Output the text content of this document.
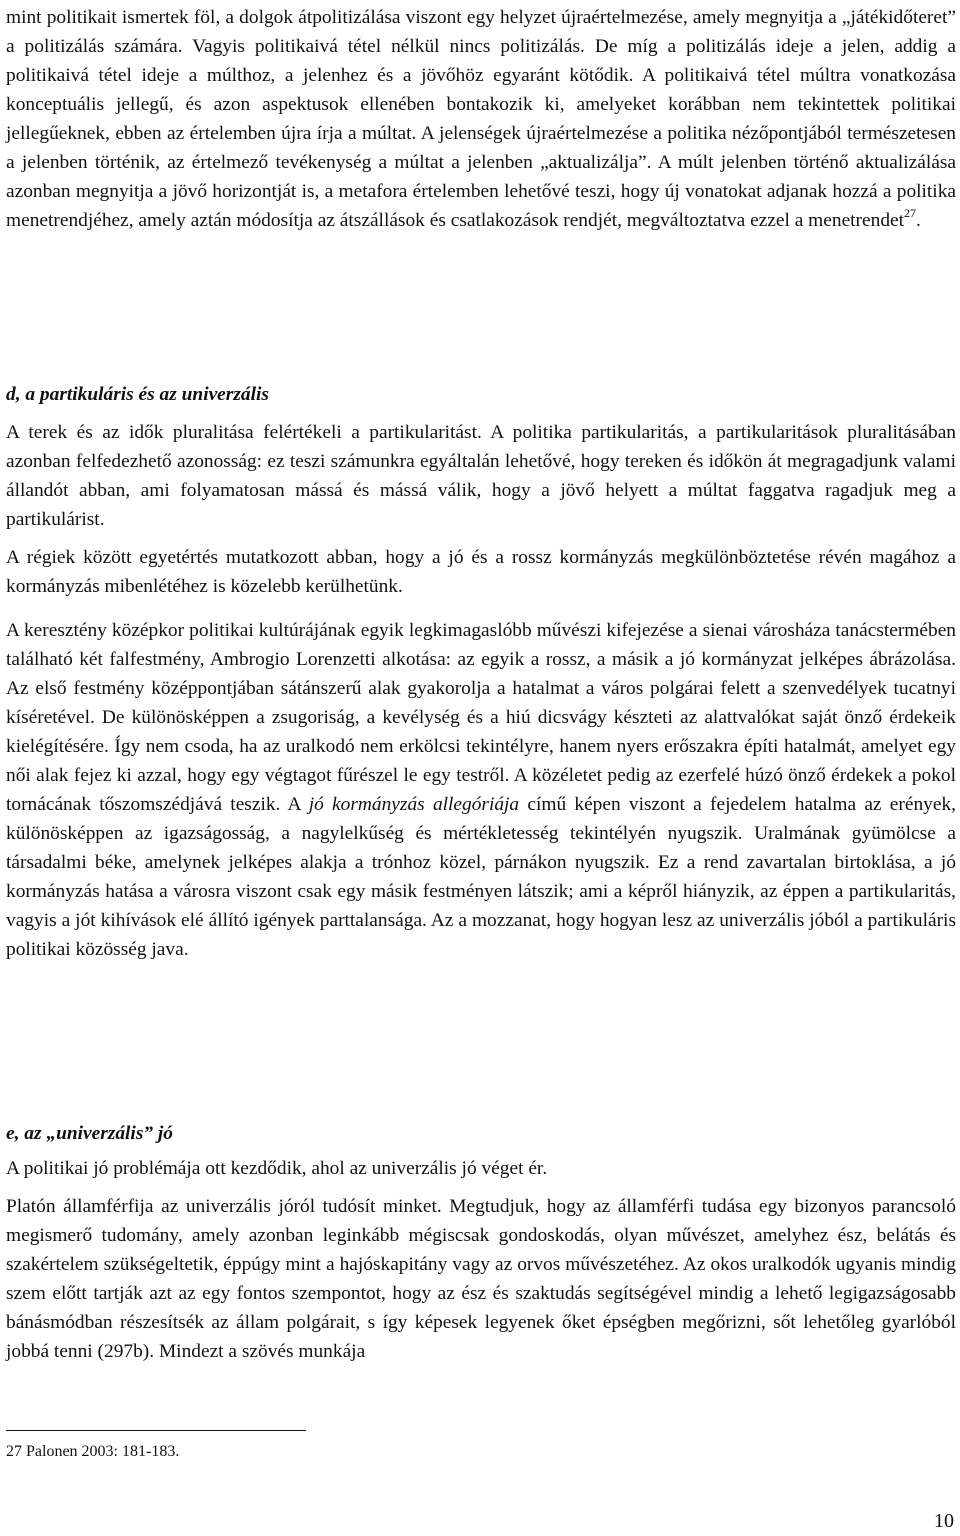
mint politikait ismertek föl, a dolgok átpolitizálása viszont egy helyzet újraértelmezése, amely megnyitja a „játékidőteret” a politizálás számára. Vagyis politikaivá tétel nélkül nincs politizálás. De míg a politizálás ideje a jelen, addig a politikaivá tétel ideje a múlthoz, a jelenhez és a jövőhöz egyaránt kötődik. A politikaivá tétel múltra vonatkozása konceptuális jellegű, és azon aspektusok ellenében bontakozik ki, amelyeket korábban nem tekintettek politikai jellegűeknek, ebben az értelemben újra írja a múltat. A jelenségek újraértelmezése a politika nézőpontjából természetesen a jelenben történik, az értelmező tevékenység a múltat a jelenben „aktualizálja”. A múlt jelenben történő aktualizálása azonban megnyitja a jövő horizontját is, a metafora értelemben lehetővé teszi, hogy új vonatokat adjanak hozzá a politika menetrendjéhez, amely aztán módosítja az átszállások és csatlakozások rendjét, megváltoztatva ezzel a menetrendet$^{27}$.

d, a partikuláris és az univerzális

A terek és az idők pluralitása felértékeli a partikularitást. A politika partikularitás, a partikularitások pluralitásában azonban felfedezhető azonosság: ez teszi számunkra egyáltalán lehetővé, hogy tereken és időkön át megragadjunk valami állandót abban, ami folyamatosan mássá és mássá válik, hogy a jövő helyett a múltat faggatva ragadjuk meg a partikulárist.

A régiek között egyetértés mutatkozott abban, hogy a jó és a rossz kormányzás megkülönböztetése révén magához a kormányzás mibenlétéhez is közelebb kerülhetünk.

A keresztény középkor politikai kultúrájának egyik legkimagaslóbb művészi kifejezése a sienai városháza tanácstermében található két falfestmény, Ambrogio Lorenzetti alkotása: az egyik a rossz, a másik a jó kormányzat jelképes ábrázolása. Az első festmény középpontjában sátánszerű alak gyakorolja a hatalmat a város polgárai felett a szenvedélyek tucatnyi kíséretével. De különösképpen a zsugoriság, a kevélység és a hiú dicsvágy készteti az alattvalókat saját önző érdekeik kielégítésére. Így nem csoda, ha az uralkodó nem erkölcsi tekintélyre, hanem nyers erőszakra építi hatalmát, amelyet egy női alak fejez ki azzal, hogy egy végtagot fűrészel le egy testről. A közéletet pedig az ezerfelé húzó önző érdekek a pokol tornácának tőszomszédjává teszik. A jó kormányzás allegóriája című képen viszont a fejedelem hatalma az erények, különösképpen az igazságosság, a nagylelkűség és mértékletesség tekintélyén nyugszik. Uralmának gyümölcse a társadalmi béke, amelynek jelképes alakja a trónhoz közel, párnákon nyugszik. Ez a rend zavartalan birtoklása, a jó kormányzás hatása a városra viszont csak egy másik festményen látszik; ami a képről hiányzik, az éppen a partikularitás, vagyis a jót kihívások elé állító igények parttalansága. Az a mozzanat, hogy hogyan lesz az univerzális jóból a partikuláris politikai közösség java.

e, az „univerzális” jó

A politikai jó problémája ott kezdődik, ahol az univerzális jó véget ér.

Platón államférfija az univerzális jóról tudósít minket. Megtudjuk, hogy az államférfi tudása egy bizonyos parancsoló megismerő tudomány, amely azonban leginkább mégiscsak gondoskodás, olyan művészet, amelyhez ész, belátás és szakértelem szükségeltetik, éppúgy mint a hajóskapitány vagy az orvos művészetéhez. Az okos uralkodók ugyanis mindig szem előtt tartják azt az egy fontos szempontot, hogy az ész és szaktudás segítségével mindig a lehető legigazságosabb bánásmódban részesítsék az állam polgárait, s így képesek legyenek őket épségben megőrizni, sőt lehetőleg gyarlóból jobbá tenni (297b). Mindezt a szövés munkája

27 Palonen 2003: 181-183.

10
